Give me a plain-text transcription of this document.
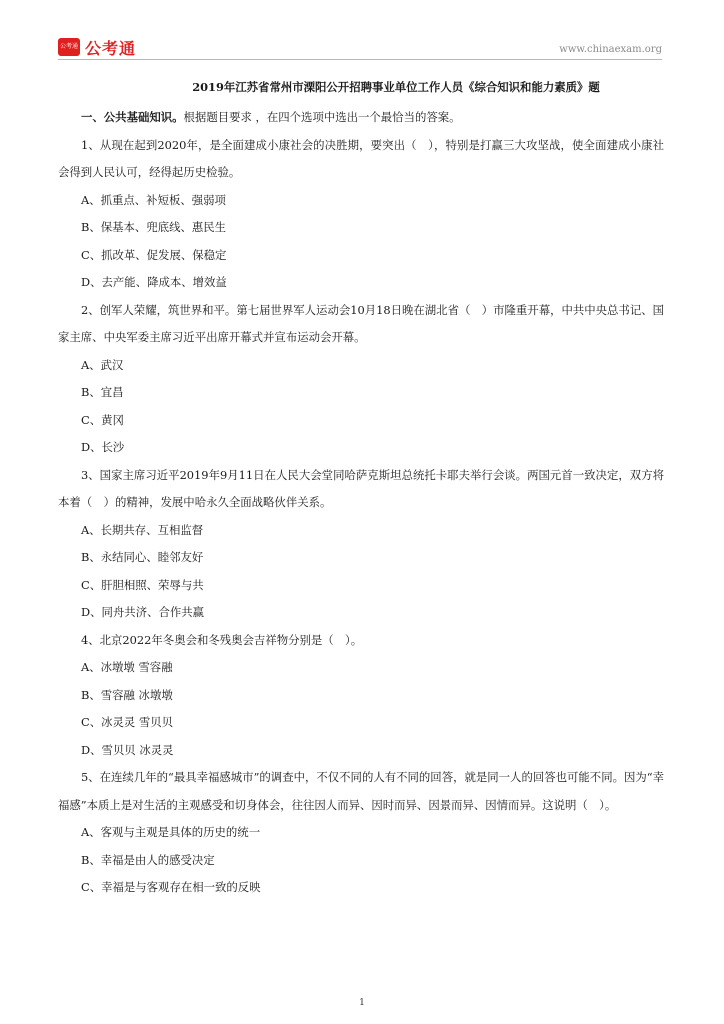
公考通 公考通	www.chinaexam.org

2019年江苏省常州市溧阳公开招聘事业单位工作人员《综合知识和能力素质》题

一、公共基础知识。根据题目要求 ，在四个选项中选出一个最恰当的答案。

1、从现在起到2020年，是全面建成小康社会的决胜期，要突出（　），特别是打赢三大攻坚战，使全面建成小康社会得到人民认可，经得起历史检验。

A、抓重点、补短板、强弱项

B、保基本、兜底线、惠民生

C、抓改革、促发展、保稳定

D、去产能、降成本、增效益

2、创军人荣耀，筑世界和平。第七届世界军人运动会10月18日晚在湖北省（　）市隆重开幕，中共中央总书记、国家主席、中央军委主席习近平出席开幕式并宣布运动会开幕。

A、武汉

B、宜昌

C、黄冈

D、长沙

3、国家主席习近平2019年9月11日在人民大会堂同哈萨克斯坦总统托卡耶夫举行会谈。两国元首一致决定，双方将本着（　）的精神，发展中哈永久全面战略伙伴关系。

A、长期共存、互相监督

B、永结同心、睦邻友好

C、肝胆相照、荣辱与共

D、同舟共济、合作共赢

4、北京2022年冬奥会和冬残奥会吉祥物分别是（　）。

A、冰墩墩 雪容融

B、雪容融 冰墩墩

C、冰灵灵 雪贝贝

D、雪贝贝 冰灵灵

5、在连续几年的“最具幸福感城市”的调查中，不仅不同的人有不同的回答，就是同一人的回答也可能不同。因为“幸福感”本质上是对生活的主观感受和切身体会，往往因人而异、因时而异、因景而异、因情而异。这说明（　）。

A、客观与主观是具体的历史的统一

B、幸福是由人的感受决定

C、幸福是与客观存在相一致的反映

1
